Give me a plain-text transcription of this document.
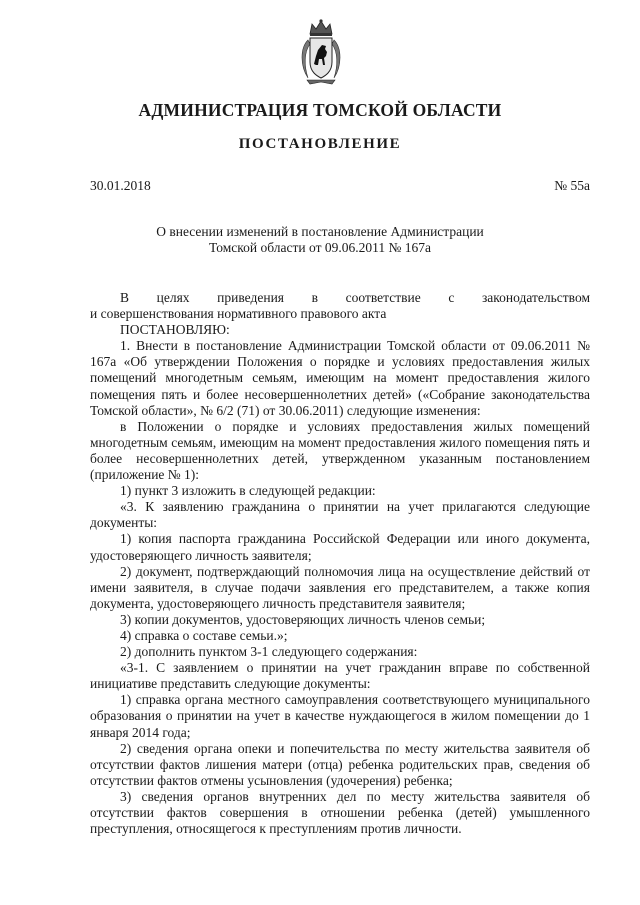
АДМИНИСТРАЦИЯ ТОМСКОЙ ОБЛАСТИ
ПОСТАНОВЛЕНИЕ
30.01.2018	№ 55а
О внесении изменений в постановление Администрации
Томской области от 09.06.2011 № 167а

В целях приведения в соответствие с законодательством

и совершенствования нормативного правового акта

ПОСТАНОВЛЯЮ:

1. Внести в постановление Администрации Томской области от 09.06.2011 № 167а «Об утверждении Положения о порядке и условиях предоставления жилых помещений многодетным семьям, имеющим на момент предоставления жилого помещения пять и более несовершеннолетних детей» («Собрание законодательства Томской области», № 6/2 (71) от 30.06.2011) следующие изменения:

в Положении о порядке и условиях предоставления жилых помещений многодетным семьям, имеющим на момент предоставления жилого помещения пять и более несовершеннолетних детей, утвержденном указанным постановлением (приложение № 1):

1) пункт 3 изложить в следующей редакции:

«3. К заявлению гражданина о принятии на учет прилагаются следующие документы:

1) копия паспорта гражданина Российской Федерации или иного документа, удостоверяющего личность заявителя;

2) документ, подтверждающий полномочия лица на осуществление действий от имени заявителя, в случае подачи заявления его представителем, а также копия документа, удостоверяющего личность представителя заявителя;

3) копии документов, удостоверяющих личность членов семьи;

4) справка о составе семьи.»;

2) дополнить пунктом 3-1 следующего содержания:

«3-1. С заявлением о принятии на учет гражданин вправе по собственной инициативе представить следующие документы:

1) справка органа местного самоуправления соответствующего муниципального образования о принятии на учет в качестве нуждающегося в жилом помещении до 1 января 2014 года;

2) сведения органа опеки и попечительства по месту жительства заявителя об отсутствии фактов лишения матери (отца) ребенка родительских прав, сведения об отсутствии фактов отмены усыновления (удочерения) ребенка;

3) сведения органов внутренних дел по месту жительства заявителя об отсутствии фактов совершения в отношении ребенка (детей) умышленного преступления, относящегося к преступлениям против личности.
